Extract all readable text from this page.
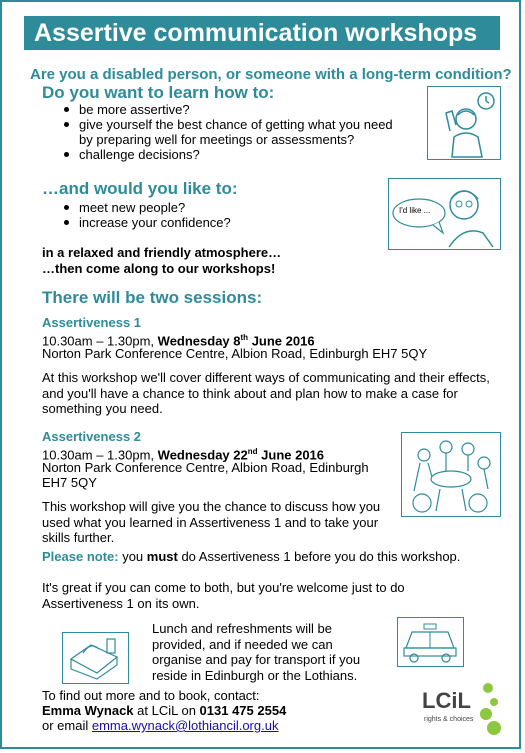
Assertive communication workshops
Are you a disabled person, or someone with a long-term condition?
Do you want to learn how to:
be more assertive?
give yourself the best chance of getting what you need by preparing well for meetings or assessments?
challenge decisions?
…and would you like to:
meet new people?
increase your confidence?
I'd like ...
in a relaxed and friendly atmosphere…
…then come along to our workshops!
There will be two sessions:
Assertiveness 1
10.30am – 1.30pm, Wednesday 8th June 2016
Norton Park Conference Centre, Albion Road, Edinburgh EH7 5QY
At this workshop we'll cover different ways of communicating and their effects, and you'll have a chance to think about and plan how to make a case for something you need.
Assertiveness 2
10.30am – 1.30pm, Wednesday 22nd June 2016
Norton Park Conference Centre, Albion Road, Edinburgh
EH7 5QY
This workshop will give you the chance to discuss how you used what you learned in Assertiveness 1 and to take your skills further.
Please note: you must do Assertiveness 1 before you do this workshop.
It's great if you can come to both, but you're welcome just to do Assertiveness 1 on its own.
Lunch and refreshments will be provided, and if needed we can organise and pay for transport if you reside in Edinburgh or the Lothians.
To find out more and to book, contact:
Emma Wynack at LCiL on 0131 475 2554
or email emma.wynack@lothiancil.org.uk
LCiL
rights & choices
